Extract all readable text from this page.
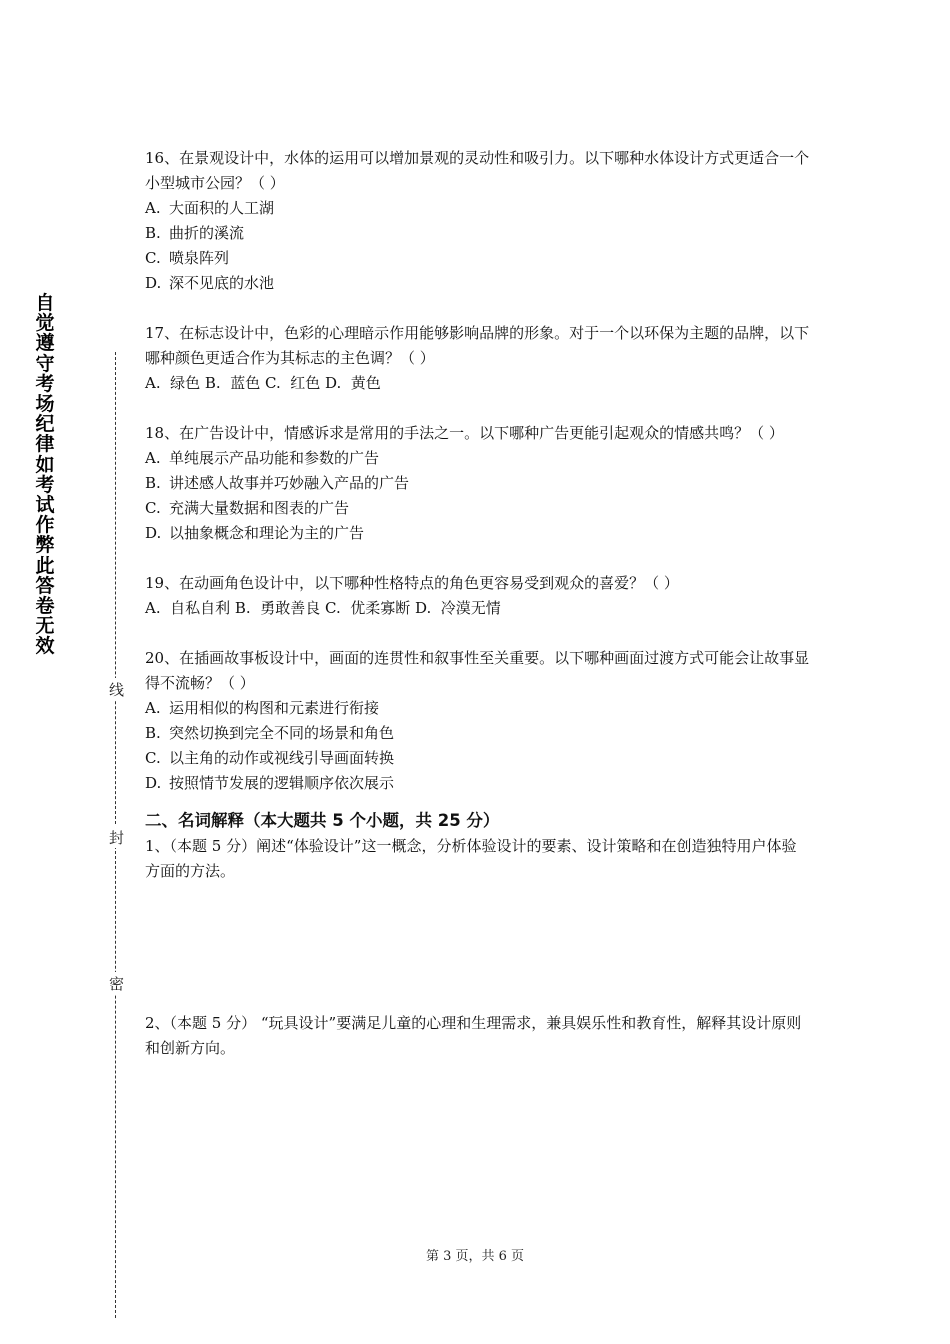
自
觉
遵
守
考
场
纪
律
如
考
试
作
弊
此
答
卷
无
效
线
封
密

16、在景观设计中，水体的运用可以增加景观的灵动性和吸引力。以下哪种水体设计方式更适合一个小型城市公园？（ ）

A. 大面积的人工湖

B. 曲折的溪流

C. 喷泉阵列

D. 深不见底的水池

17、在标志设计中，色彩的心理暗示作用能够影响品牌的形象。对于一个以环保为主题的品牌，以下哪种颜色更适合作为其标志的主色调？（ ）

A.  绿色 B.  蓝色 C.  红色 D.  黄色

18、在广告设计中，情感诉求是常用的手法之一。以下哪种广告更能引起观众的情感共鸣？（ ）

A. 单纯展示产品功能和参数的广告

B. 讲述感人故事并巧妙融入产品的广告

C. 充满大量数据和图表的广告

D. 以抽象概念和理论为主的广告

19、在动画角色设计中，以下哪种性格特点的角色更容易受到观众的喜爱？（ ）

A.  自私自利 B.  勇敢善良 C.  优柔寡断 D.  冷漠无情

20、在插画故事板设计中，画面的连贯性和叙事性至关重要。以下哪种画面过渡方式可能会让故事显得不流畅？（ ）

A. 运用相似的构图和元素进行衔接

B. 突然切换到完全不同的场景和角色

C. 以主角的动作或视线引导画面转换

D. 按照情节发展的逻辑顺序依次展示

二、名词解释（本大题共 5 个小题，共 25 分）

1、（本题 5 分）阐述“体验设计”这一概念，分析体验设计的要素、设计策略和在创造独特用户体验方面的方法。

2、（本题 5 分） “玩具设计”要满足儿童的心理和生理需求，兼具娱乐性和教育性，解释其设计原则和创新方向。

第 3 页，共 6 页
